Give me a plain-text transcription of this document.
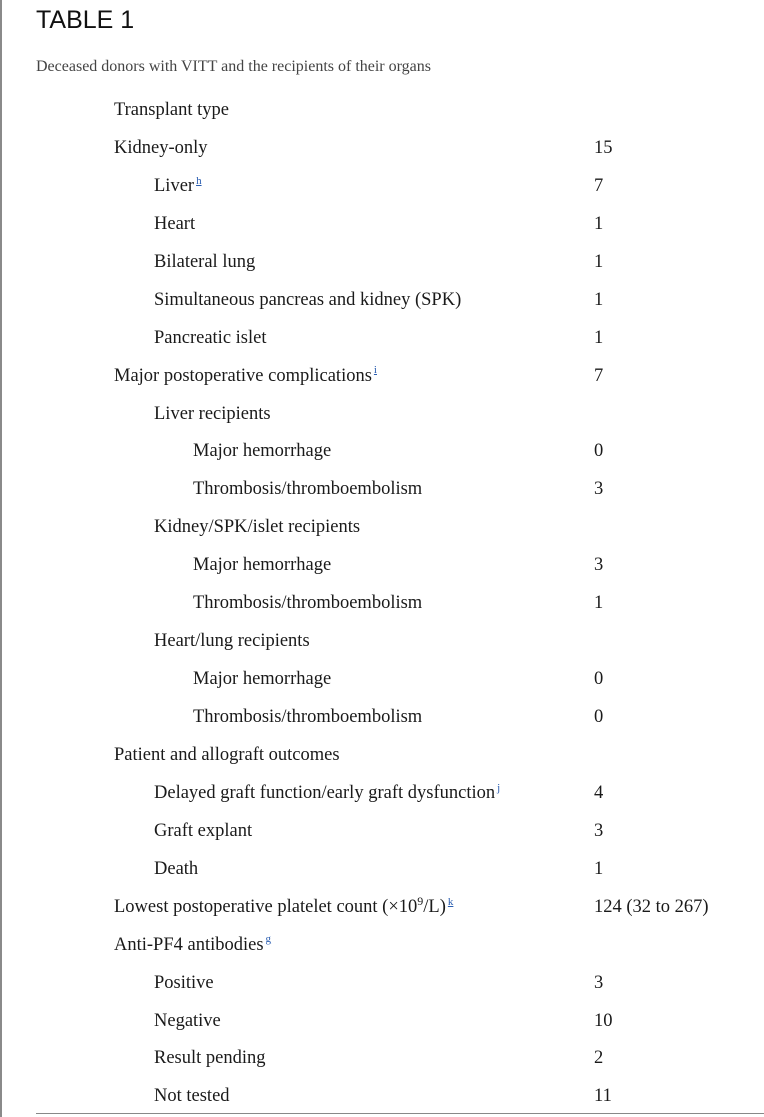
TABLE 1
Deceased donors with VITT and the recipients of their organs
Transplant type
Kidney-only	15
Liver $^h$	7
Heart	1
Bilateral lung	1
Simultaneous pancreas and kidney (SPK)	1
Pancreatic islet	1
Major postoperative complications $^i$	7
Liver recipients
Major hemorrhage	0
Thrombosis/thromboembolism	3
Kidney/SPK/islet recipients
Major hemorrhage	3
Thrombosis/thromboembolism	1
Heart/lung recipients
Major hemorrhage	0
Thrombosis/thromboembolism	0
Patient and allograft outcomes
Delayed graft function/early graft dysfunction $^j$	4
Graft explant	3
Death	1
Lowest postoperative platelet count $(\times 10^9/L)$ $^k$	124 (32 to 267)
Anti-PF4 antibodies $^g$
Positive	3
Negative	10
Result pending	2
Not tested	11
